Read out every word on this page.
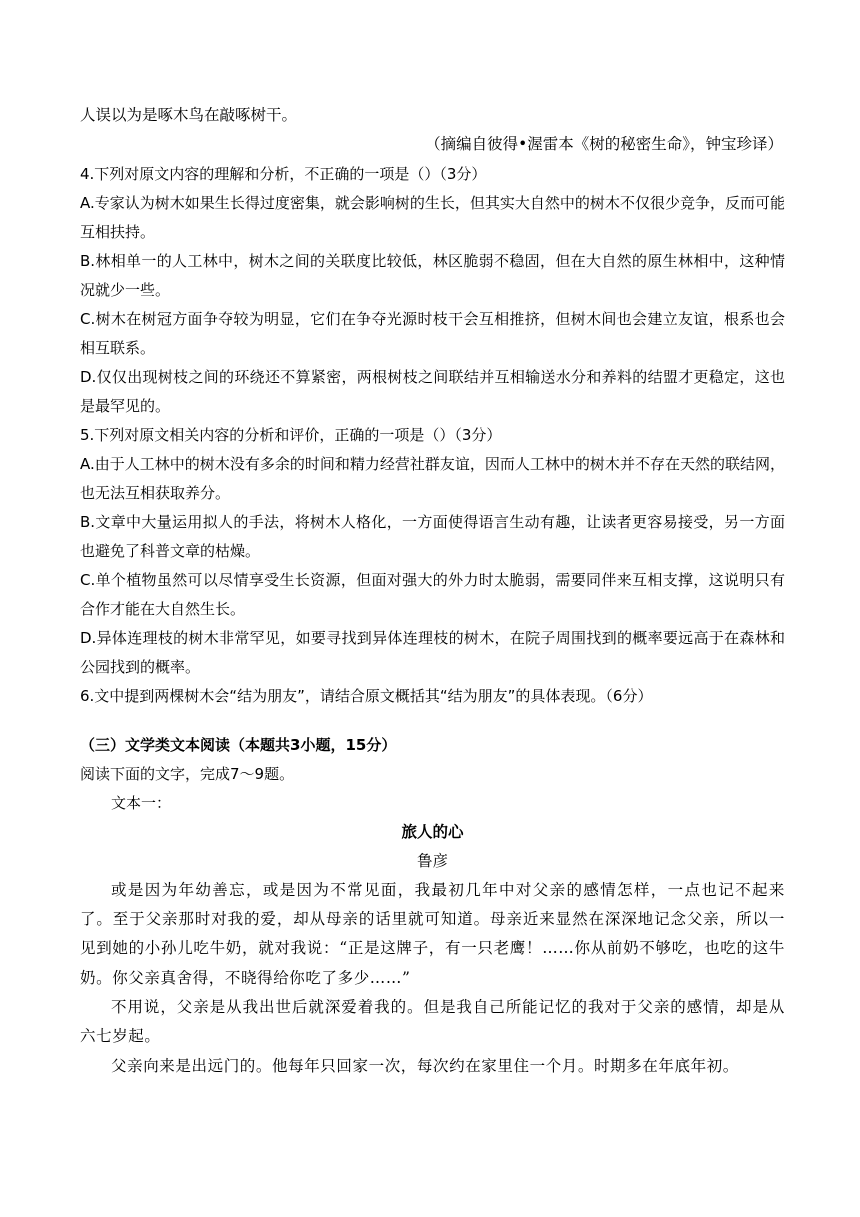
人误以为是啄木鸟在敲啄树干。
（摘编自彼得•渥雷本《树的秘密生命》，钟宝珍译）
4.下列对原文内容的理解和分析，不正确的一项是（）（3分）
A.专家认为树木如果生长得过度密集，就会影响树的生长，但其实大自然中的树木不仅很少竞争，反而可能互相扶持。
B.林相单一的人工林中，树木之间的关联度比较低，林区脆弱不稳固，但在大自然的原生林相中，这种情况就少一些。
C.树木在树冠方面争夺较为明显，它们在争夺光源时枝干会互相推挤，但树木间也会建立友谊，根系也会相互联系。
D.仅仅出现树枝之间的环绕还不算紧密，两根树枝之间联结并互相输送水分和养料的结盟才更稳定，这也是最罕见的。
5.下列对原文相关内容的分析和评价，正确的一项是（）（3分）
A.由于人工林中的树木没有多余的时间和精力经营社群友谊，因而人工林中的树木并不存在天然的联结网，也无法互相获取养分。
B.文章中大量运用拟人的手法，将树木人格化，一方面使得语言生动有趣，让读者更容易接受，另一方面也避免了科普文章的枯燥。
C.单个植物虽然可以尽情享受生长资源，但面对强大的外力时太脆弱，需要同伴来互相支撑，这说明只有合作才能在大自然生长。
D.异体连理枝的树木非常罕见，如要寻找到异体连理枝的树木，在院子周围找到的概率要远高于在森林和公园找到的概率。
6.文中提到两棵树木会“结为朋友”，请结合原文概括其“结为朋友”的具体表现。（6分）
（三）文学类文本阅读（本题共3小题，15分）
阅读下面的文字，完成7～9题。
文本一：
旅人的心
鲁彦
或是因为年幼善忘，或是因为不常见面，我最初几年中对父亲的感情怎样，一点也记不起来了。至于父亲那时对我的爱，却从母亲的话里就可知道。母亲近来显然在深深地记念父亲，所以一见到她的小孙儿吃牛奶，就对我说：“正是这牌子，有一只老鹰！……你从前奶不够吃，也吃的这牛奶。你父亲真舍得，不晓得给你吃了多少……”
不用说，父亲是从我出世后就深爱着我的。但是我自己所能记忆的我对于父亲的感情，却是从六七岁起。
父亲向来是出远门的。他每年只回家一次，每次约在家里住一个月。时期多在年底年初。
